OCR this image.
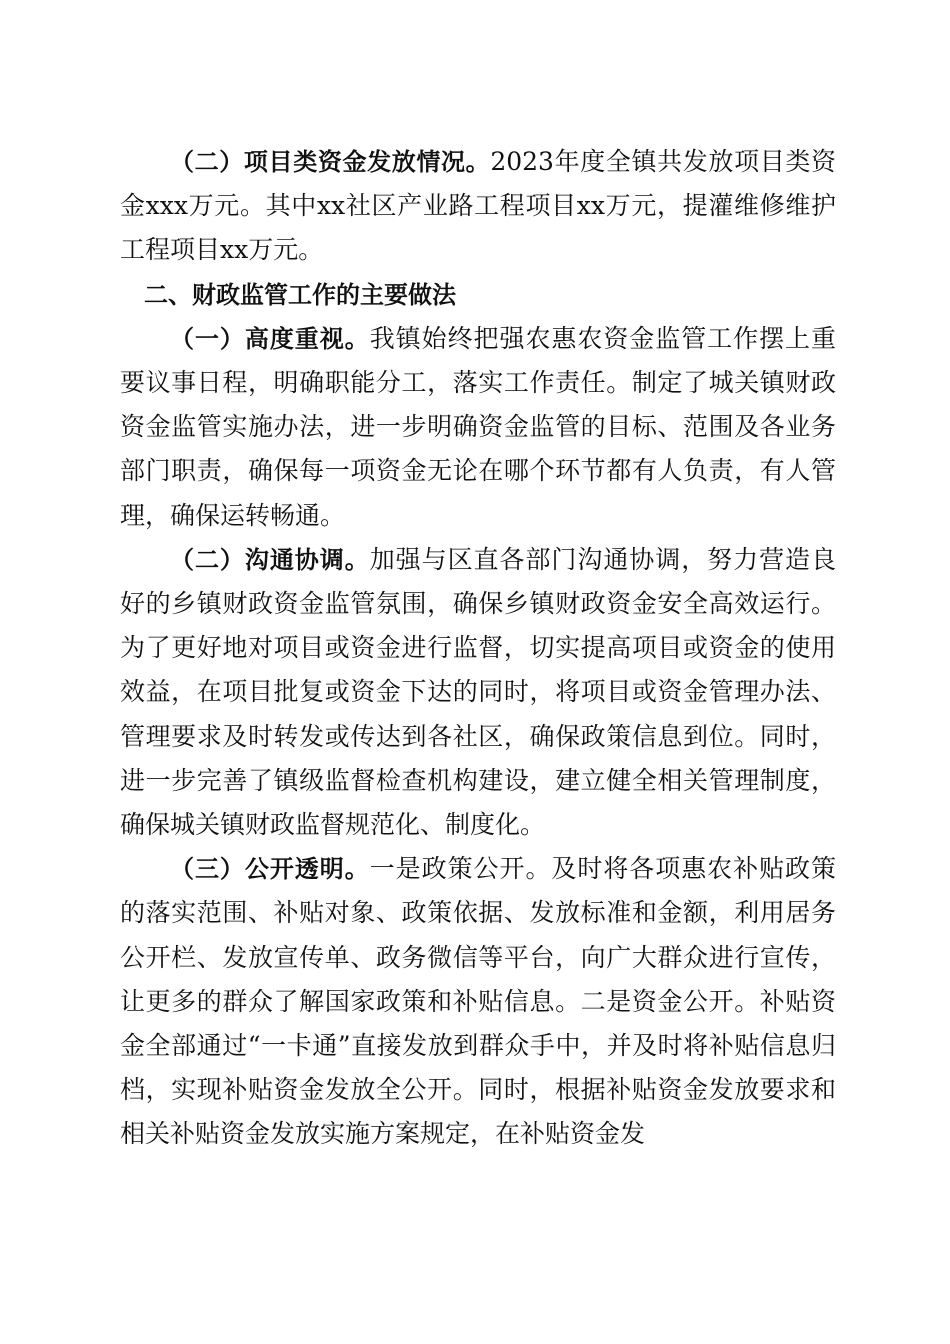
（二）项目类资金发放情况。2023年度全镇共发放项目类资金xxx万元。其中xx社区产业路工程项目xx万元，提灌维修维护工程项目xx万元。

二、财政监管工作的主要做法

（一）高度重视。我镇始终把强农惠农资金监管工作摆上重要议事日程，明确职能分工，落实工作责任。制定了城关镇财政资金监管实施办法，进一步明确资金监管的目标、范围及各业务部门职责，确保每一项资金无论在哪个环节都有人负责，有人管理，确保运转畅通。

（二）沟通协调。加强与区直各部门沟通协调，努力营造良好的乡镇财政资金监管氛围，确保乡镇财政资金安全高效运行。为了更好地对项目或资金进行监督，切实提高项目或资金的使用效益，在项目批复或资金下达的同时，将项目或资金管理办法、管理要求及时转发或传达到各社区，确保政策信息到位。同时，进一步完善了镇级监督检查机构建设，建立健全相关管理制度，确保城关镇财政监督规范化、制度化。

（三）公开透明。一是政策公开。及时将各项惠农补贴政策的落实范围、补贴对象、政策依据、发放标准和金额，利用居务公开栏、发放宣传单、政务微信等平台，向广大群众进行宣传，让更多的群众了解国家政策和补贴信息。二是资金公开。补贴资金全部通过“一卡通”直接发放到群众手中，并及时将补贴信息归档，实现补贴资金发放全公开。同时，根据补贴资金发放要求和相关补贴资金发放实施方案规定，在补贴资金发
